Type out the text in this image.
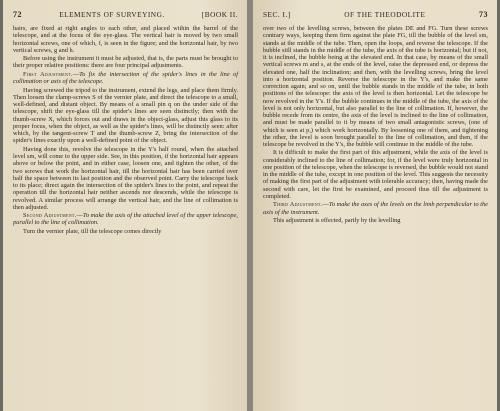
72	ELEMENTS OF SURVEYING.	[BOOK II.

hairs, are fixed at right angles to each other, and placed within the barrel of the telescope, and at the focus of the eye-glass. The vertical hair is moved by two small horizontal screws, one of which, f, is seen in the figure; and the horizontal hair, by two vertical screws, g and h.

Before using the instrument it must be adjusted, that is, the parts must be brought to their proper relative positions: there are four principal adjustments.

First Adjustment.—To fix the intersection of the spider's lines in the line of collimation or axis of the telescope.

Having screwed the tripod to the instrument, extend the legs, and place them firmly. Then loosen the clamp-screws S of the vernier plate, and direct the telescope to a small, well-defined, and distant object. By means of a small pin q on the under side of the telescope, shift the eye-glass till the spider's lines are seen distinctly; then with the thumb-screw X, which forces out and draws in the object-glass, adjust this glass to its proper focus, when the object, as well as the spider's lines, will be distinctly seen: after which, by the tangent-screw T and the thumb-screw Z, bring the intersection of the spider's lines exactly upon a well-defined point of the object.

Having done this, revolve the telescope in the Y's half round, when the attached level sm, will come to the upper side. See, in this position, if the horizontal hair appears above or below the point, and in either case, loosen one, and tighten the other, of the two screws that work the horizontal hair, till the horizontal hair has been carried over half the space between its last position and the observed point. Carry the telescope back to its place; direct again the intersection of the spider's lines to the point, and repeat the operation till the horizontal hair neither ascends nor descends, while the telescope is revolved. A similar process will arrange the vertical hair, and the line of collimation is then adjusted.

Second Adjustment.—To make the axis of the attached level of the upper telescope, parallel to the line of collimation.

Turn the vernier plate, till the telescope comes directly

SEC. I.]	OF THE THEODOLITE	73

over two of the levelling screws, between the plates DE and FG. Turn these screws contrary ways, keeping them firm against the plate FG, till the bubble of the level sm, stands at the middle of the tube. Then, open the loops, and reverse the telescope. If the bubble still stands in the middle of the tube, the axis of the tube is horizontal; but if not, it is inclined, the bubble being at the elevated end. In that case, by means of the small vertical screws m and s, at the ends of the level, raise the depressed end, or depress the elevated one, half the inclination; and then, with the levelling screws, bring the level into a horizontal position. Reverse the telescope in the Y's, and make the same correction again; and so on, until the bubble stands in the middle of the tube, in both positions of the telescope: the axis of the level is then horizontal. Let the telescope be now revolved in the Y's. If the bubble continues in the middle of the tube, the axis of the level is not only horizontal, but also parallel to the line of collimation. If, however, the bubble recede from its centre, the axis of the level is inclined to the line of collimation, and must be made parallel to it by means of two small antagonistic screws, (one of which is seen at p,) which work horizontally. By loosening one of them, and tightening the other, the level is soon brought parallel to the line of collimation, and then, if the telescope be revolved in the Y's, the bubble will continue in the middle of the tube.

It is difficult to make the first part of this adjustment, while the axis of the level is considerably inclined to the line of collimation; for, if the level were truly horizontal in one position of the telescope, when the telescope is reversed, the bubble would not stand in the middle of the tube, except in one position of the level. This suggests the necessity of making the first part of the adjustment with tolerable accuracy; then, having made the second with care, let the first be examined, and proceed thus till the adjustment is completed.

Third Adjustment.—To make the axes of the levels on the limb perpendicular to the axis of the instrument.

This adjustment is effected, partly by the levelling
